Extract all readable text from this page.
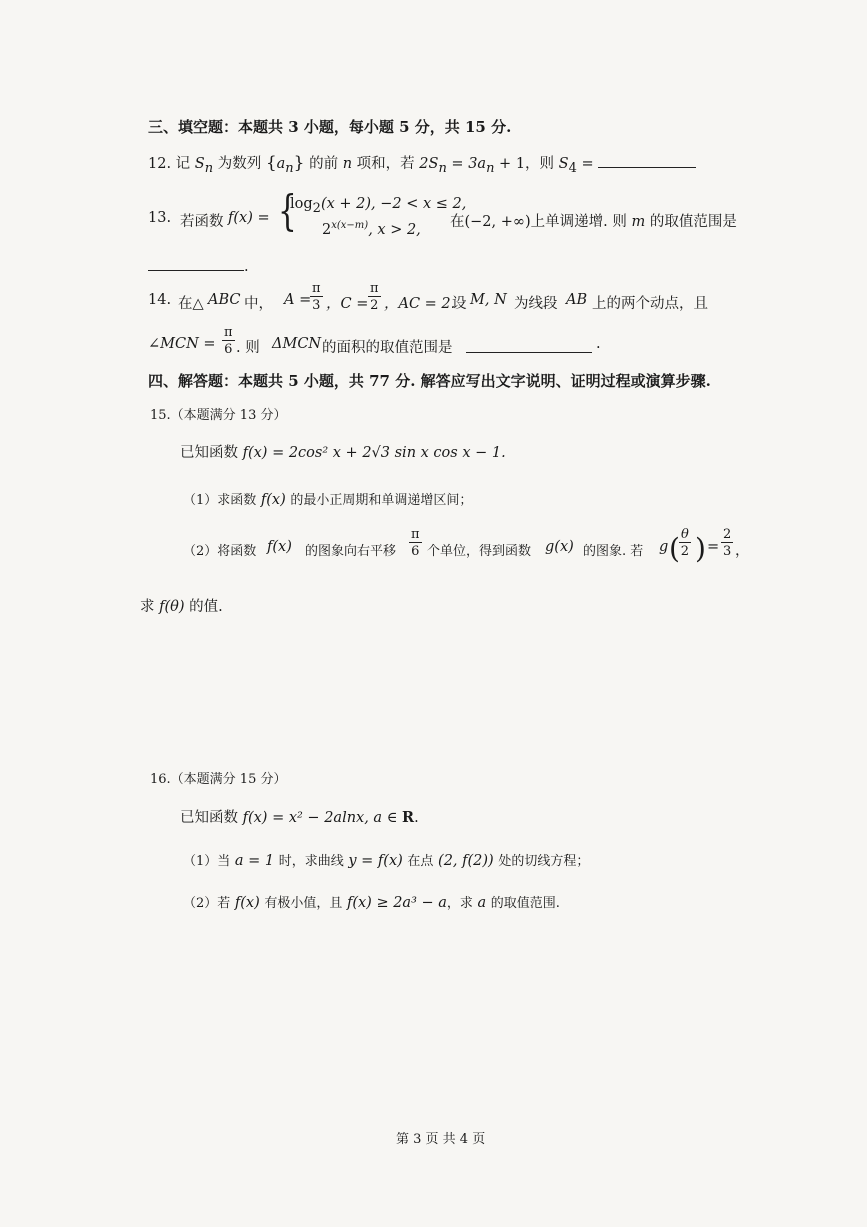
三、填空题：本题共 3 小题，每小题 5 分，共 15 分.
12. 记 $S_n$ 为数列 $\{a_n\}$ 的前 n 项和，若 $2S_n = 3a_n + 1$，则 $S_4$ =
13. 若函数 f(x) = {
$\log_2(x + 2)$, −2 < x ≤ 2,
$2^{x(x-m)}$, x > 2, 在(−2, +∞)上单调递增. 则 m 的取值范围是
.
14. 在△ ABC 中， A =
$\frac{\pi}{3}$ ，$C = \frac{\pi}{2}$ ，AC = 2.
设 M, N 为线段 AB 上的两个动点，且
∠MCN = $\frac{\pi}{6}$ . 则 ΔMCN 的面积的取值范围是	.
四、解答题：本题共 5 小题，共 77 分. 解答应写出文字说明、证明过程或演算步骤.
15.（本题满分 13 分）
已知函数 f(x) = 2cos² x + 2√3 sin x cos x − 1.
（1）求函数 f(x) 的最小正周期和单调递增区间；
（2）将函数 f(x) 的图象向右平移 $\frac{\pi}{6}$ 个单位，得到函数 g(x) 的图象. 若 g ( $\frac{\theta}{2}$ ) = $\frac{2}{3}$ ，
求 f(θ) 的值.
16.（本题满分 15 分）
已知函数 f(x) = x² − 2alnx, a ∈ R.
（1）当 a = 1 时，求曲线 y = f(x) 在点 (2, f(2)) 处的切线方程；
（2）若 f(x) 有极小值，且 f(x) ≥ 2a³ − a，求 a 的取值范围.
第 3 页 共 4 页
